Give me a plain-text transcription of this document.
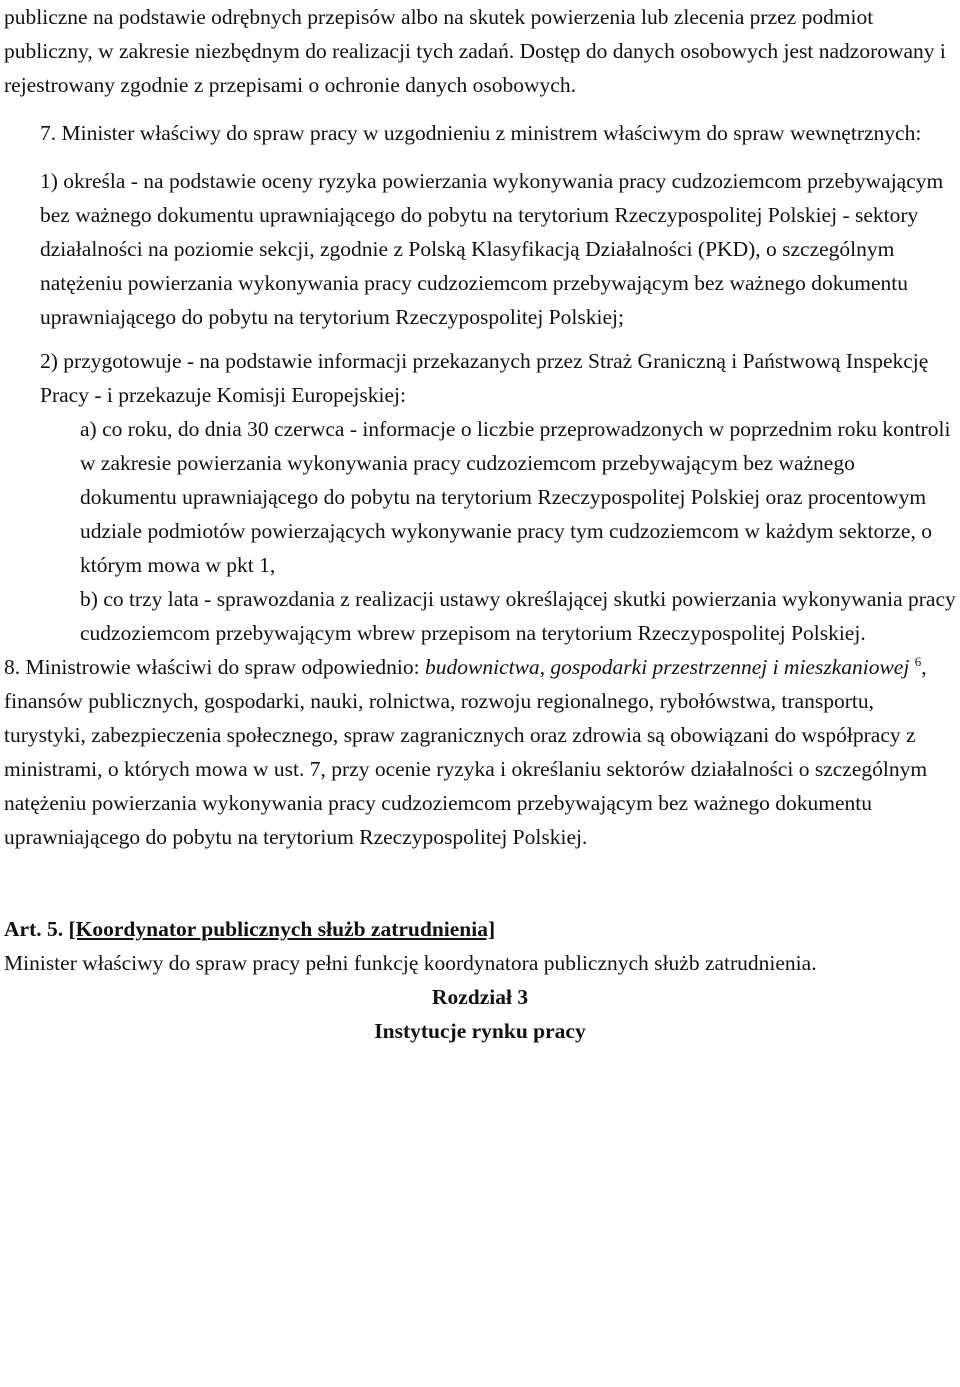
publiczne na podstawie odrębnych przepisów albo na skutek powierzenia lub zlecenia przez podmiot publiczny, w zakresie niezbędnym do realizacji tych zadań. Dostęp do danych osobowych jest nadzorowany i rejestrowany zgodnie z przepisami o ochronie danych osobowych.

7. Minister właściwy do spraw pracy w uzgodnieniu z ministrem właściwym do spraw wewnętrznych:

1) określa - na podstawie oceny ryzyka powierzania wykonywania pracy cudzoziemcom przebywającym bez ważnego dokumentu uprawniającego do pobytu na terytorium Rzeczypospolitej Polskiej - sektory działalności na poziomie sekcji, zgodnie z Polską Klasyfikacją Działalności (PKD), o szczególnym natężeniu powierzania wykonywania pracy cudzoziemcom przebywającym bez ważnego dokumentu uprawniającego do pobytu na terytorium Rzeczypospolitej Polskiej;

2) przygotowuje - na podstawie informacji przekazanych przez Straż Graniczną i Państwową Inspekcję Pracy - i przekazuje Komisji Europejskiej:

a) co roku, do dnia 30 czerwca - informacje o liczbie przeprowadzonych w poprzednim roku kontroli w zakresie powierzania wykonywania pracy cudzoziemcom przebywającym bez ważnego dokumentu uprawniającego do pobytu na terytorium Rzeczypospolitej Polskiej oraz procentowym udziale podmiotów powierzających wykonywanie pracy tym cudzoziemcom w każdym sektorze, o którym mowa w pkt 1,

b) co trzy lata - sprawozdania z realizacji ustawy określającej skutki powierzania wykonywania pracy cudzoziemcom przebywającym wbrew przepisom na terytorium Rzeczypospolitej Polskiej.

8. Ministrowie właściwi do spraw odpowiednio: budownictwa, gospodarki przestrzennej i mieszkaniowej $^6$, finansów publicznych, gospodarki, nauki, rolnictwa, rozwoju regionalnego, rybołówstwa, transportu, turystyki, zabezpieczenia społecznego, spraw zagranicznych oraz zdrowia są obowiązani do współpracy z ministrami, o których mowa w ust. 7, przy ocenie ryzyka i określaniu sektorów działalności o szczególnym natężeniu powierzania wykonywania pracy cudzoziemcom przebywającym bez ważnego dokumentu uprawniającego do pobytu na terytorium Rzeczypospolitej Polskiej.

Art. 5. [Koordynator publicznych służb zatrudnienia]

Minister właściwy do spraw pracy pełni funkcję koordynatora publicznych służb zatrudnienia.

Rozdział 3

Instytucje rynku pracy
